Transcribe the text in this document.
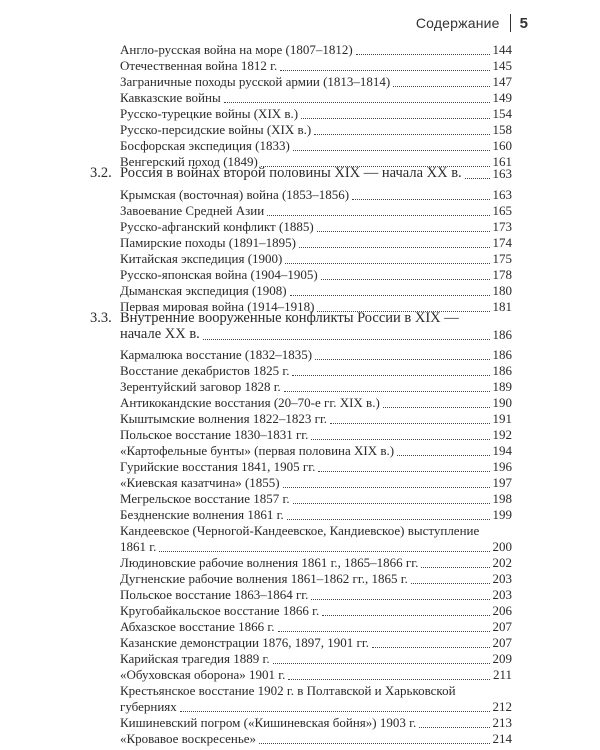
Содержание 5
Англо-русская война на море (1807–1812)	144
Отечественная война 1812 г.	145
Заграничные походы русской армии (1813–1814)	147
Кавказские войны	149
Русско-турецкие войны (XIX в.)	154
Русско-персидские войны (XIX в.)	158
Босфорская экспедиция (1833)	160
Венгерский поход (1849)	161
3.2. Россия в войнах второй половины XIX — начала XX в. 163
Крымская (восточная) война (1853–1856)	163
Завоевание Средней Азии	165
Русско-афганский конфликт (1885)	173
Памирские походы (1891–1895)	174
Китайская экспедиция (1900)	175
Русско-японская война (1904–1905)	178
Дыманская экспедиция (1908)	180
Первая мировая война (1914–1918)	181
3.3. Внутренние вооруженные конфликты России в XIX —
начале XX в.	186
Кармалюка восстание (1832–1835)	186
Восстание декабристов 1825 г.	186
Зерентуйский заговор 1828 г.	189
Антикокандские восстания (20–70-е гг. XIX в.)	190
Кыштымские волнения 1822–1823 гг.	191
Польское восстание 1830–1831 гг.	192
«Картофельные бунты» (первая половина XIX в.)	194
Гурийские восстания 1841, 1905 гг.	196
«Киевская казатчина» (1855)	197
Мегрельское восстание 1857 г.	198
Бездненские волнения 1861 г.	199
Кандеевское (Черногой-Кандеевское, Кандиевское) выступление
1861 г.	200
Людиновские рабочие волнения 1861 г., 1865–1866 гг.	202
Дугненские рабочие волнения 1861–1862 гг., 1865 г.	203
Польское восстание 1863–1864 гг.	203
Кругобайкальское восстание 1866 г.	206
Абхазское восстание 1866 г.	207
Казанские демонстрации 1876, 1897, 1901 гг.	207
Карийская трагедия 1889 г.	209
«Обуховская оборона» 1901 г.	211
Крестьянское восстание 1902 г. в Полтавской и Харьковской
губерниях	212
Кишиневский погром («Кишиневская бойня») 1903 г.	213
«Кровавое воскресенье»	214
